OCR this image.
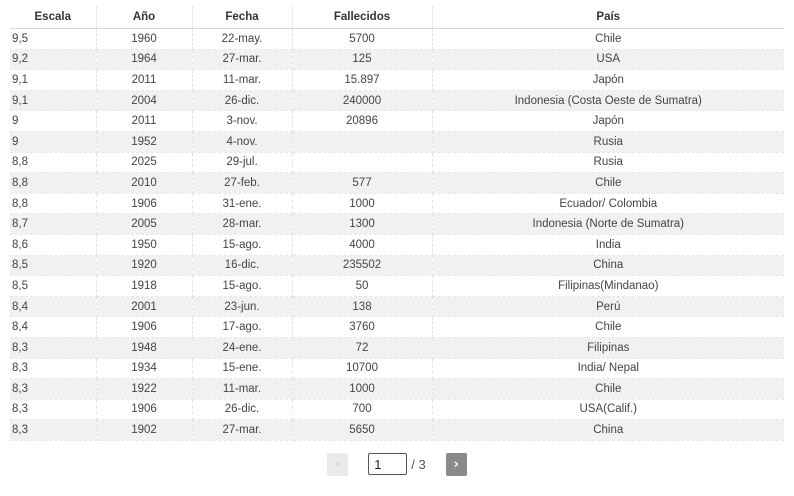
Escala	Año	Fecha	Fallecidos	País
9,5	1960	22-may.	5700	Chile
9,2	1964	27-mar.	125	USA
9,1	2011	11-mar.	15.897	Japón
9,1	2004	26-dic.	240000	Indonesia (Costa Oeste de Sumatra)
9	2011	3-nov.	20896	Japón
9	1952	4-nov.		Rusia
8,8	2025	29-jul.		Rusia
8,8	2010	27-feb.	577	Chile
8,8	1906	31-ene.	1000	Ecuador/ Colombia
8,7	2005	28-mar.	1300	Indonesia (Norte de Sumatra)
8,6	1950	15-ago.	4000	India
8,5	1920	16-dic.	235502	China
8,5	1918	15-ago.	50	Filipinas(Mindanao)
8,4	2001	23-jun.	138	Perú
8,4	1906	17-ago.	3760	Chile
8,3	1948	24-ene.	72	Filipinas
8,3	1934	15-ene.	10700	India/ Nepal
8,3	1922	11-mar.	1000	Chile
8,3	1906	26-dic.	700	USA(Calif.)
8,3	1902	27-mar.	5650	China
‹
1	/ 3	›
